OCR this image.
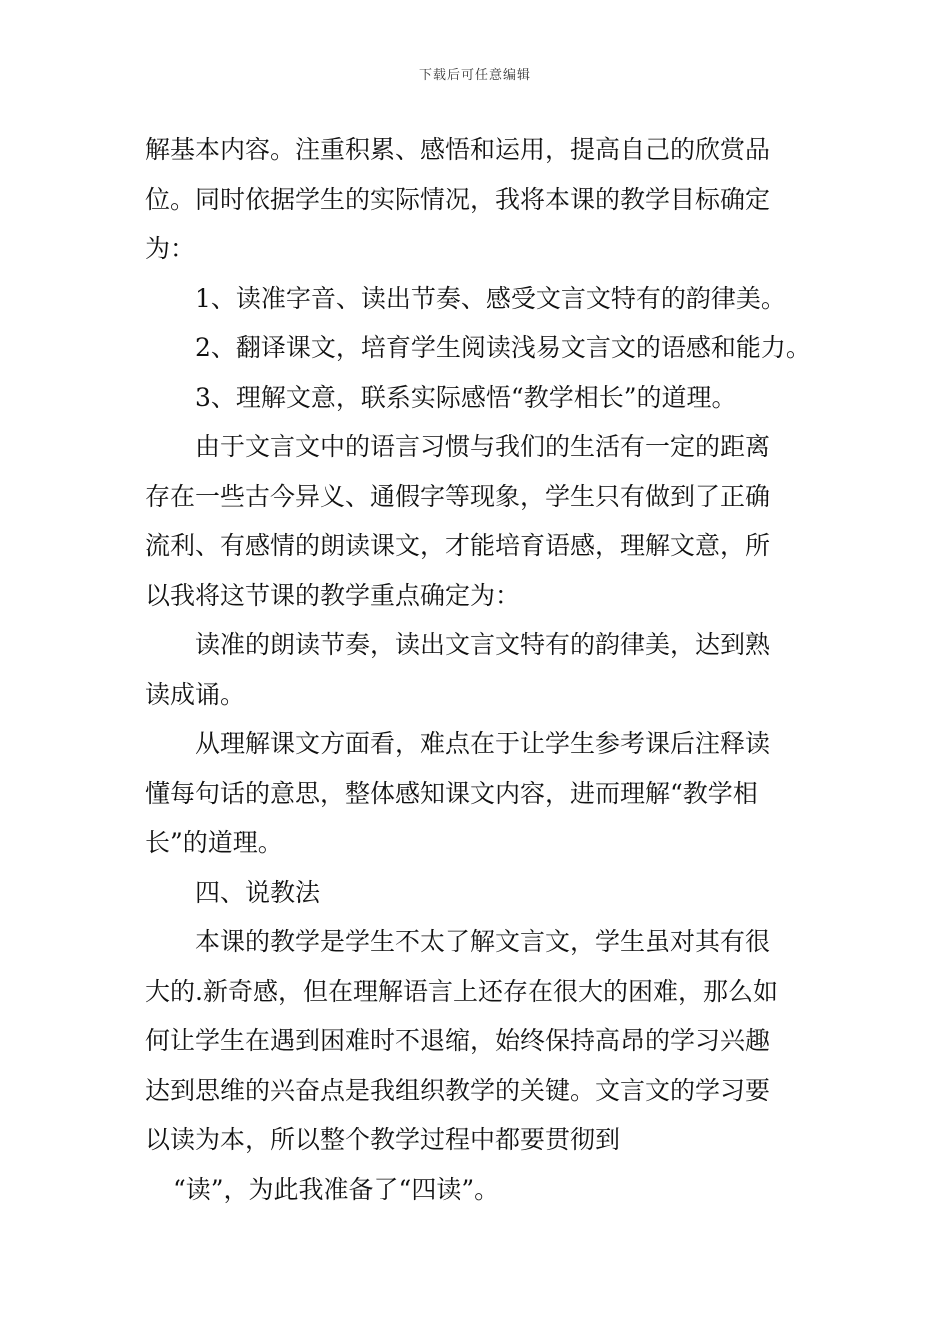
下载后可任意编辑
解基本内容。注重积累、感悟和运用，提高自己的欣赏品
位。同时依据学生的实际情况，我将本课的教学目标确定
为：
1、读准字音、读出节奏、感受文言文特有的韵律美。
2、翻译课文，培育学生阅读浅易文言文的语感和能力。
3、理解文意，联系实际感悟“教学相长”的道理。
由于文言文中的语言习惯与我们的生活有一定的距离
存在一些古今异义、通假字等现象，学生只有做到了正确
流利、有感情的朗读课文，才能培育语感，理解文意，所
以我将这节课的教学重点确定为：
读准的朗读节奏，读出文言文特有的韵律美，达到熟
读成诵。
从理解课文方面看，难点在于让学生参考课后注释读
懂每句话的意思，整体感知课文内容，进而理解“教学相
长”的道理。
四、说教法
本课的教学是学生不太了解文言文，学生虽对其有很
大的.新奇感，但在理解语言上还存在很大的困难，那么如
何让学生在遇到困难时不退缩，始终保持高昂的学习兴趣
达到思维的兴奋点是我组织教学的关键。文言文的学习要
以读为本，所以整个教学过程中都要贯彻到
“读”，为此我准备了“四读”。
